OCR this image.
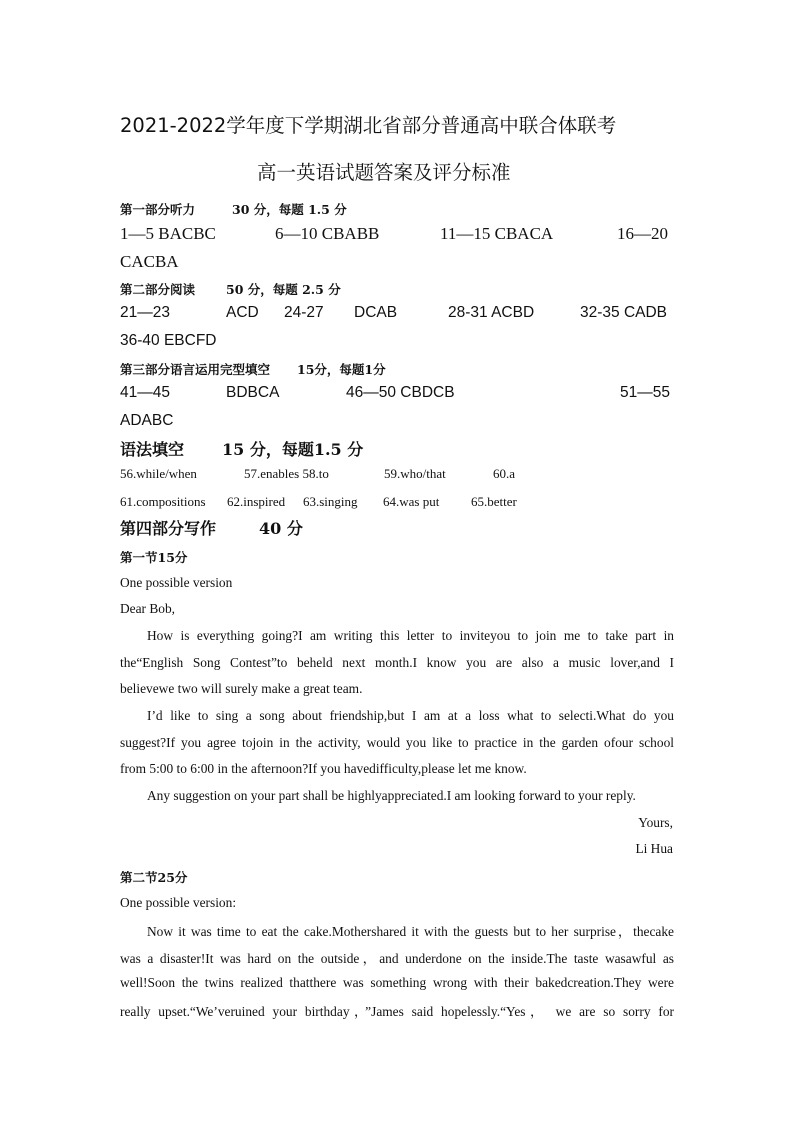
2021-2022学年度下学期湖北省部分普通高中联合体联考
高一英语试题答案及评分标准
第一部分听力	30 分，每题 1.5 分
1—5 BACBC	6—10 CBABB	11—15 CBACA	16—20
CACBA
第二部分阅读 50 分，每题 2.5 分
21—23	ACD 24-27 DCAB	28-31 ACBD	32-35 CADB
36-40 EBCFD
第三部分语言运用完型填空 15分，每题1分
41—45	BDBCA	46—50 CBDCB	51—55
ADABC
语法填空 15 分，每题1.5 分
56.while/when	57.enables 58.to	59.who/that	60.a
61.compositions 62.inspired 63.singing 64.was put 65.better
第四部分写作	40 分
第一节15分
One possible version
Dear Bob,
How is everything going?I am writing this letter to inviteyou to join me to take part in
the“English Song Contest”to beheld next month.I know you are also a music lover,and I
believewe two will surely make a great team.
I’d like to sing a song about friendship,but I am at a loss what to selecti.What do you
suggest?If you agree tojoin in the activity, would you like to practice in the garden ofour school
from 5:00 to 6:00 in the afternoon?If you havedifficulty,please let me know.
Any suggestion on your part shall be highlyappreciated.I am looking forward to your reply.
Yours,
Li Hua
第二节25分
One possible version:
Now it was time to eat the cake.Mothershared it with the guests but to her surprise，thecake
was a disaster!It was hard on the outside，and underdone on the inside.The taste wasawful as
well!Soon the twins realized thatthere was something wrong with their bakedcreation.They were
really upset.“We’veruined your birthday，”James said hopelessly.“Yes， we are so sorry for
